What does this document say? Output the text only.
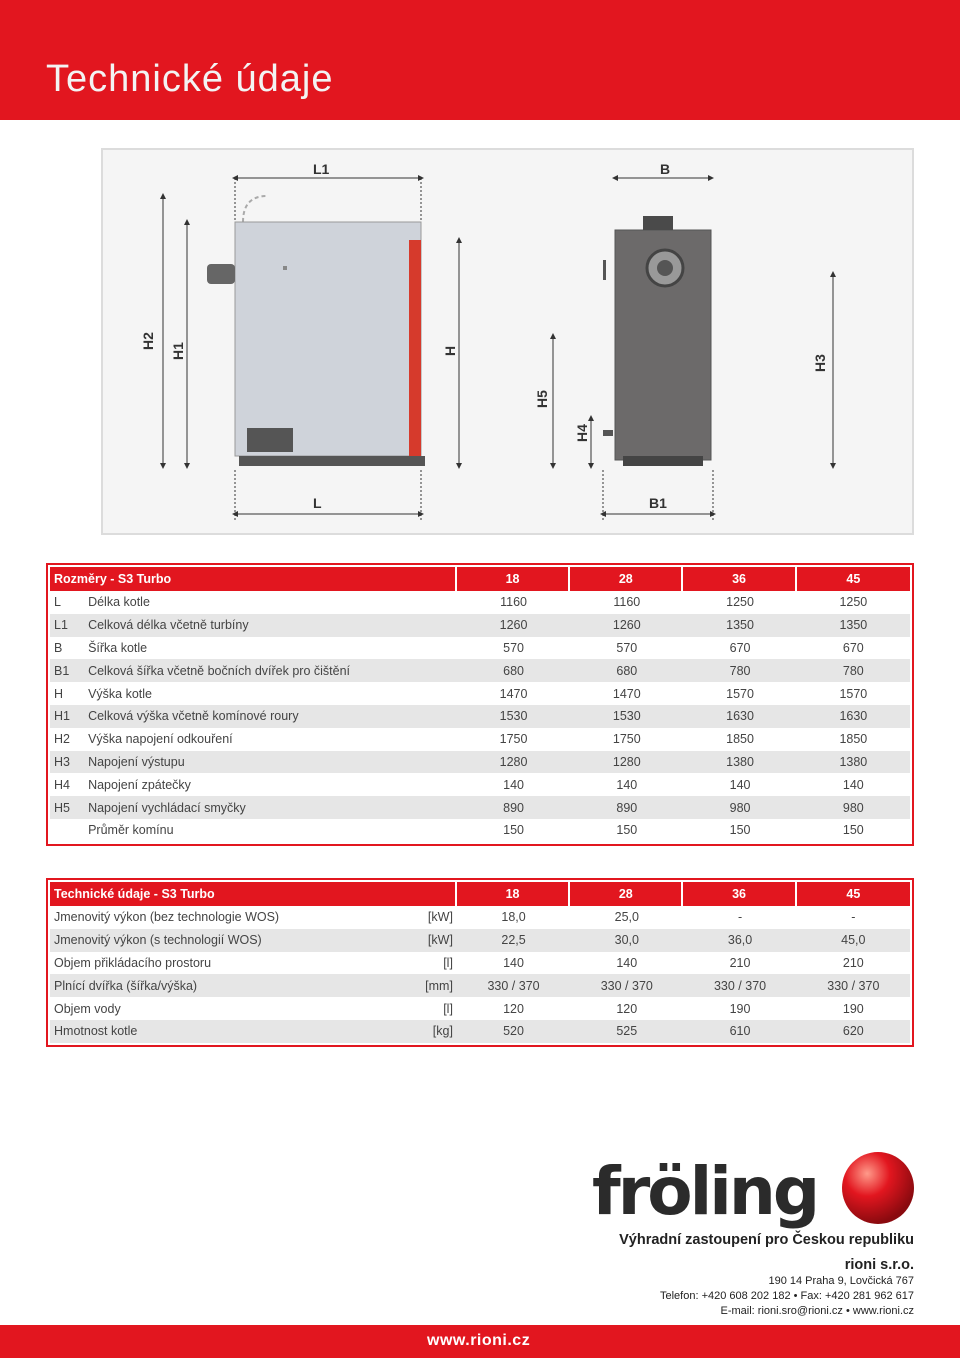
Technické údaje
L1	B
H2
H1	H
H5
H4
H3
L	B1
Rozměry - S3 Turbo		18	28	36	45
L	Délka kotle	1160	1160	1250	1250
L1	Celková délka včetně turbíny	1260	1260	1350	1350
B	Šířka kotle	570	570	670	670
B1	Celková šířka včetně bočních dvířek pro čištění	680	680	780	780
H	Výška kotle	1470	1470	1570	1570
H1	Celková výška včetně komínové roury	1530	1530	1630	1630
H2	Výška napojení odkouření	1750	1750	1850	1850
H3	Napojení výstupu	1280	1280	1380	1380
H4	Napojení zpátečky	140	140	140	140
H5	Napojení vychládací smyčky	890	890	980	980
	Průměr komínu	150	150	150	150
Technické údaje - S3 Turbo		18	28	36	45
Jmenovitý výkon (bez technologie WOS)	[kW]	18,0	25,0	-	-
Jmenovitý výkon (s technologií WOS)	[kW]	22,5	30,0	36,0	45,0
Objem přikládacího prostoru	[l]	140	140	210	210
Plnící dvířka (šířka/výška)	[mm]	330 / 370	330 / 370	330 / 370	330 / 370
Objem vody	[l]	120	120	190	190
Hmotnost kotle	[kg]	520	525	610	620
fröling
Výhradní zastoupení pro Českou republiku
rioni s.r.o.
190 14 Praha 9, Lovčická 767
Telefon: +420 608 202 182 • Fax: +420 281 962 617
E-mail: rioni.sro@rioni.cz • www.rioni.cz
www.rioni.cz
